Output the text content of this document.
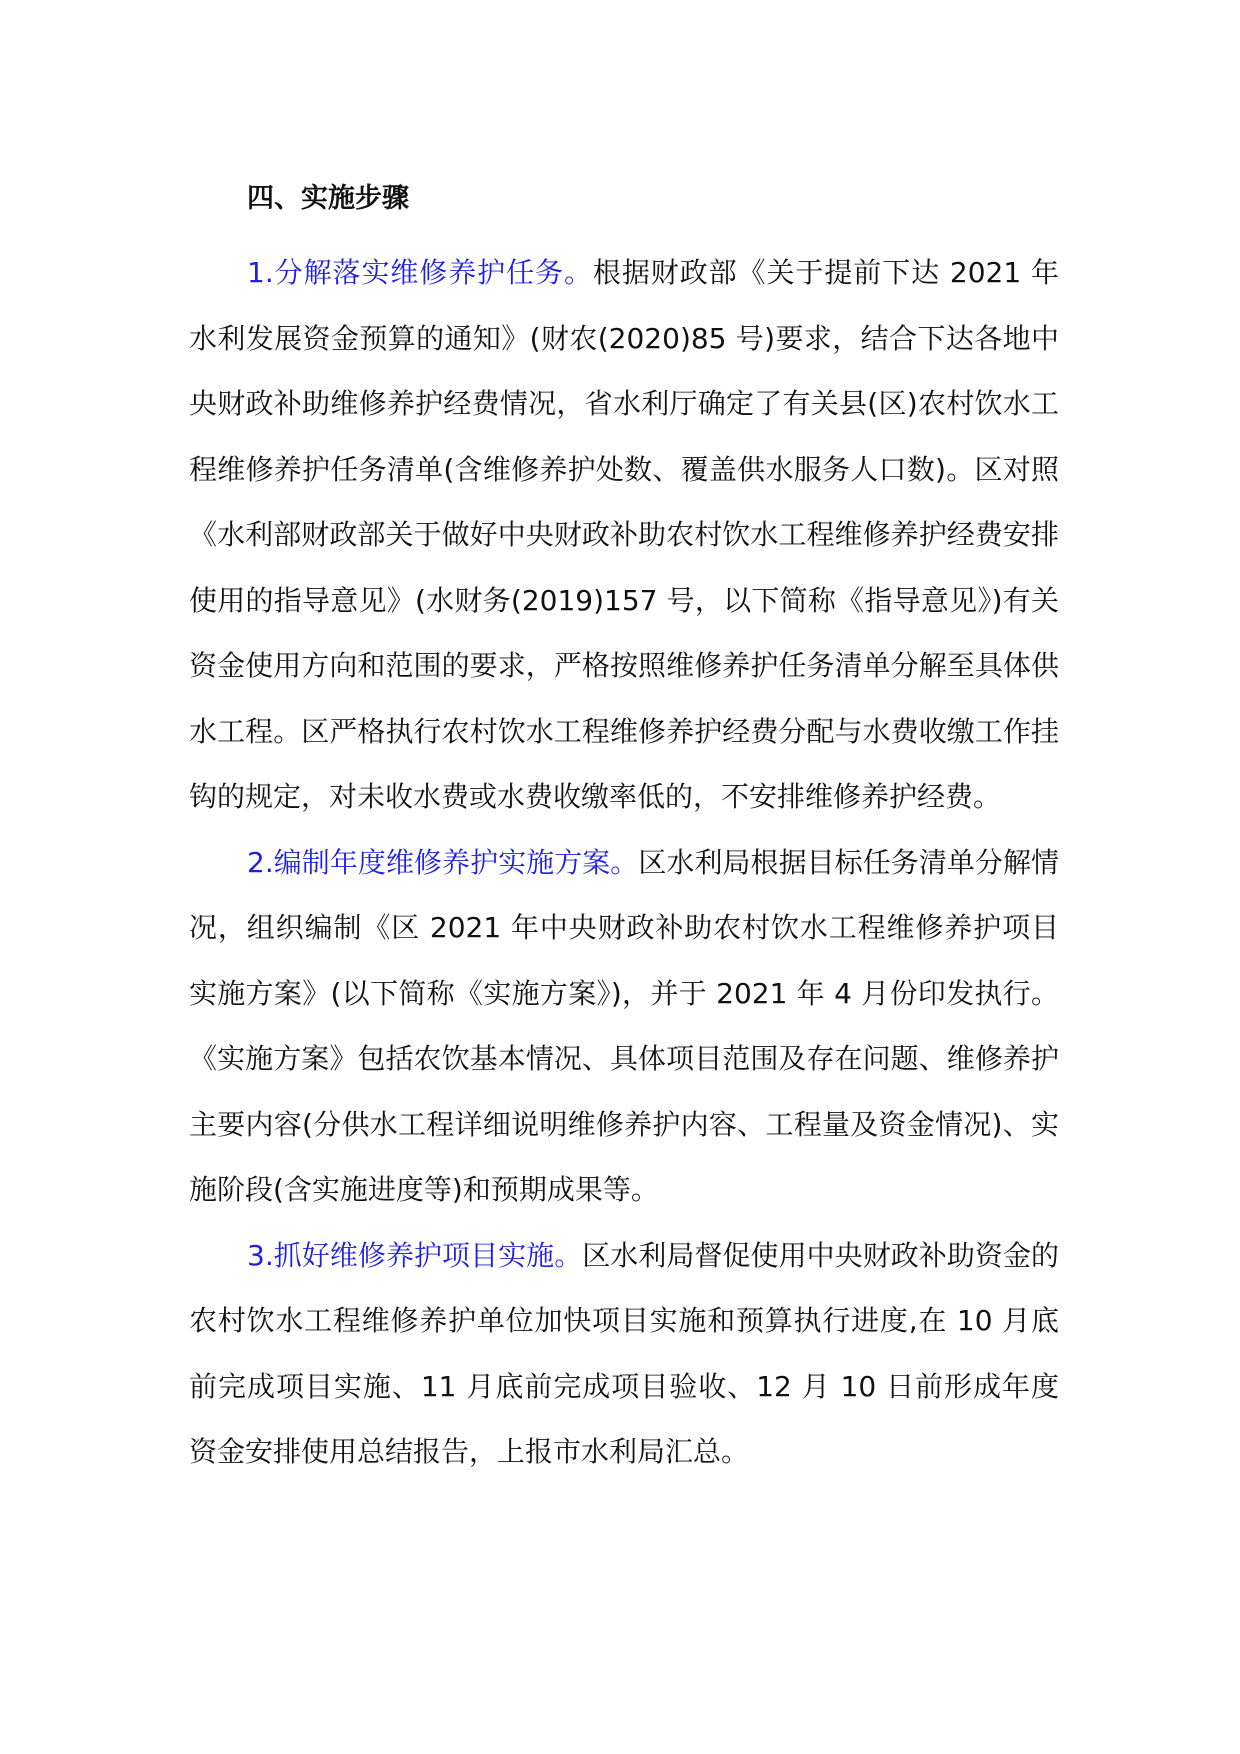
四、实施步骤

1.分解落实维修养护任务。根据财政部《关于提前下达 2021 年水利发展资金预算的通知》(财农(2020)85 号)要求，结合下达各地中央财政补助维修养护经费情况，省水利厅确定了有关县(区)农村饮水工程维修养护任务清单(含维修养护处数、覆盖供水服务人口数)。区对照《水利部财政部关于做好中央财政补助农村饮水工程维修养护经费安排使用的指导意见》(水财务(2019)157 号，以下简称《指导意见》)有关资金使用方向和范围的要求，严格按照维修养护任务清单分解至具体供水工程。区严格执行农村饮水工程维修养护经费分配与水费收缴工作挂钩的规定，对未收水费或水费收缴率低的，不安排维修养护经费。

2.编制年度维修养护实施方案。区水利局根据目标任务清单分解情况，组织编制《区 2021 年中央财政补助农村饮水工程维修养护项目实施方案》(以下简称《实施方案》)，并于 2021 年 4 月份印发执行。《实施方案》包括农饮基本情况、具体项目范围及存在问题、维修养护主要内容(分供水工程详细说明维修养护内容、工程量及资金情况)、实施阶段(含实施进度等)和预期成果等。

3.抓好维修养护项目实施。区水利局督促使用中央财政补助资金的农村饮水工程维修养护单位加快项目实施和预算执行进度,在 10 月底前完成项目实施、11 月底前完成项目验收、12 月 10 日前形成年度资金安排使用总结报告，上报市水利局汇总。
